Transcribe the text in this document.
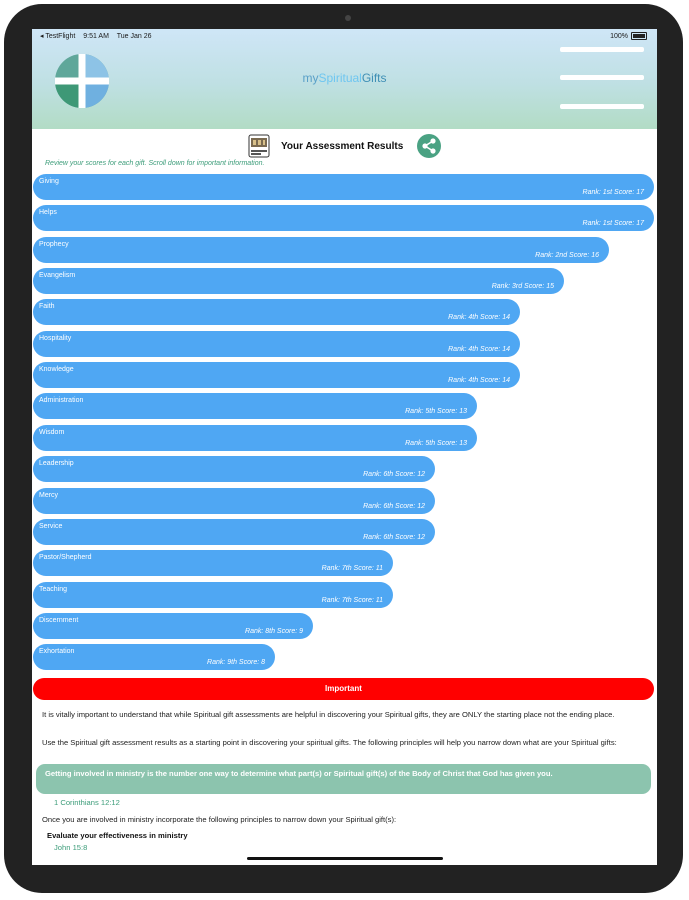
mySpiritualGifts
◂ TestFlight 9:51 AM Tue Jan 26	100%
Your Assessment Results
Review your scores for each gift. Scroll down for important information.
Giving
Rank: 1st Score: 17
Helps
Rank: 1st Score: 17
Prophecy
Rank: 2nd Score: 16
Evangelism
Rank: 3rd Score: 15
Faith
Rank: 4th Score: 14
Hospitality
Rank: 4th Score: 14
Knowledge
Rank: 4th Score: 14
Administration
Rank: 5th Score: 13
Wisdom
Rank: 5th Score: 13
Leadership
Rank: 6th Score: 12
Mercy
Rank: 6th Score: 12
Service
Rank: 6th Score: 12
Pastor/Shepherd
Rank: 7th Score: 11
Teaching
Rank: 7th Score: 11
Discernment
Rank: 8th Score: 9
Exhortation
Rank: 9th Score: 8
Important
It is vitally important to understand that while Spiritual gift assessments are helpful in discovering your Spiritual gifts, they are ONLY the starting place not the ending place.
Use the Spiritual gift assessment results as a starting point in discovering your spiritual gifts. The following principles will help you narrow down what are your Spiritual gifts:
Getting involved in ministry is the number one way to determine what part(s) or Spiritual gift(s) of the Body of Christ that God has given you.
1 Corinthians 12:12
Once you are involved in ministry incorporate the following principles to narrow down your Spiritual gift(s):
Evaluate your effectiveness in ministry
John 15:8
